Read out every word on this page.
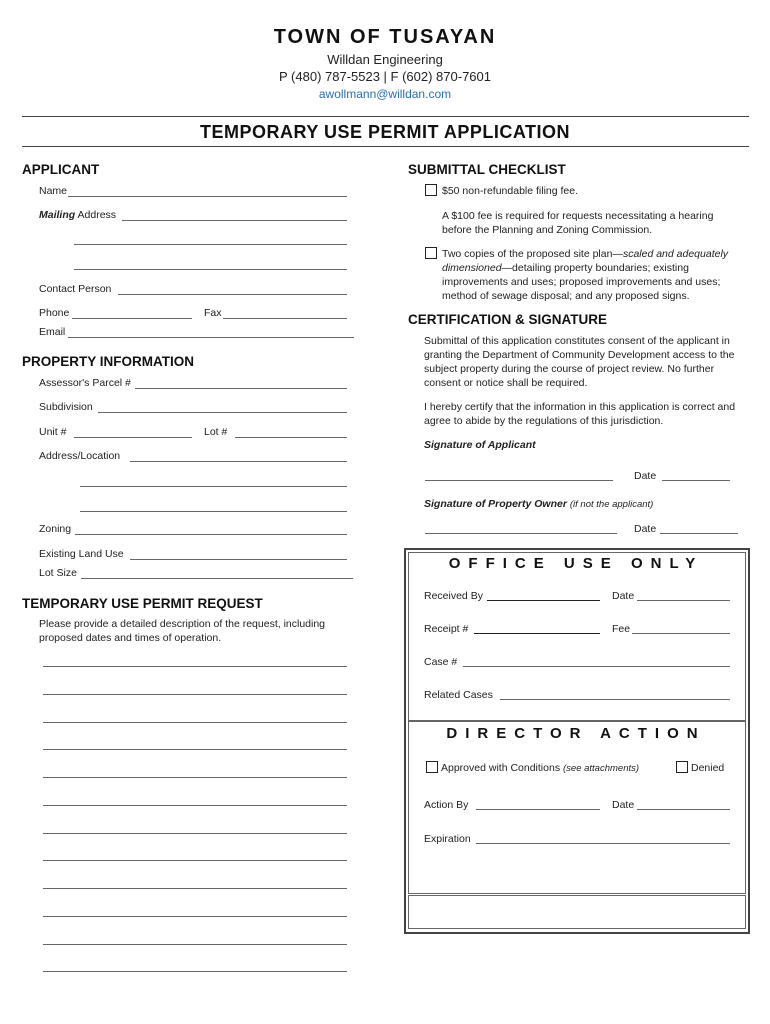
TOWN OF TUSAYAN
Willdan Engineering
P (480) 787-5523 | F (602) 870-7601
awollmann@willdan.com
TEMPORARY USE PERMIT APPLICATION
APPLICANT
Name
Mailing Address
Contact Person
Phone	Fax
Email
PROPERTY INFORMATION
Assessor's Parcel #
Subdivision
Unit #	Lot #
Address/Location
Zoning
Existing Land Use
Lot Size
TEMPORARY USE PERMIT REQUEST
Please provide a detailed description of the request, including proposed dates and times of operation.
SUBMITTAL CHECKLIST
$50 non-refundable filing fee.
A $100 fee is required for requests necessitating a hearing before the Planning and Zoning Commission.
Two copies of the proposed site plan—scaled and adequately dimensioned—detailing property boundaries; existing improvements and uses; proposed improvements and uses; method of sewage disposal; and any proposed signs.
CERTIFICATION & SIGNATURE
Submittal of this application constitutes consent of the applicant in granting the Department of Community Development access to the subject property during the course of project review. No further consent or notice shall be required.
I hereby certify that the information in this application is correct and agree to abide by the regulations of this jurisdiction.
Signature of Applicant
Date
Signature of Property Owner (if not the applicant)
Date
OFFICE USE ONLY
Received By	Date
Receipt #	Fee
Case #
Related Cases
DIRECTOR ACTION
Approved with Conditions (see attachments)	Denied
Action By	Date
Expiration
